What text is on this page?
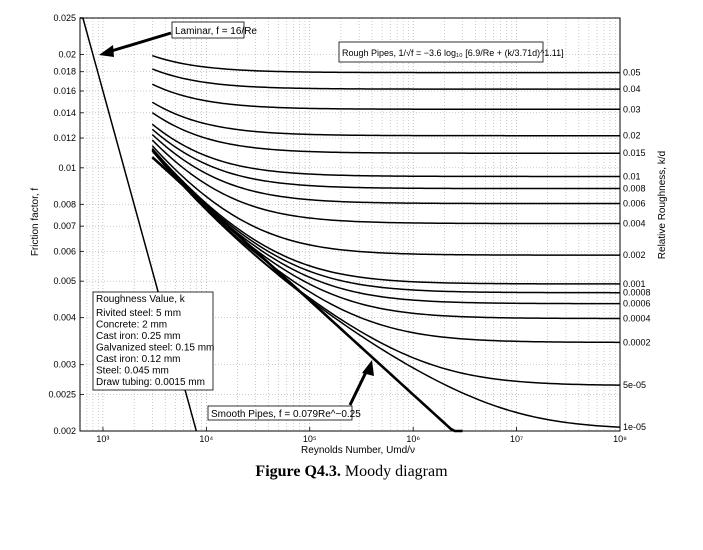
0.025
0.02
0.018
0.016
0.014
0.012
0.01
0.008
0.007
0.006
0.005
0.004
0.003
0.0025
0.002
10³	10⁴	10⁵	10⁶	10⁷	10⁸
0.05
0.04
0.03
0.02
0.015
0.01
0.008
0.006
0.004
0.002
0.001
0.0008
0.0006
0.0004
0.0002
5e-05
1e-05
Friction factor, f	Relative Roughness, k/d
Reynolds Number, Umd/ν
Laminar, f = 16/Re
Rough Pipes, 1/√f = −3.6 log₁₀ [6.9/Re + (k/3.71d)^1.11]
Smooth Pipes, f = 0.079Re^−0.25
Roughness Value, k
Rivited steel: 5 mm
Concrete: 2 mm
Cast iron: 0.25 mm
Galvanized steel: 0.15 mm
Cast iron: 0.12 mm
Steel: 0.045 mm
Draw tubing: 0.0015 mm
Figure Q4.3. Moody diagram
